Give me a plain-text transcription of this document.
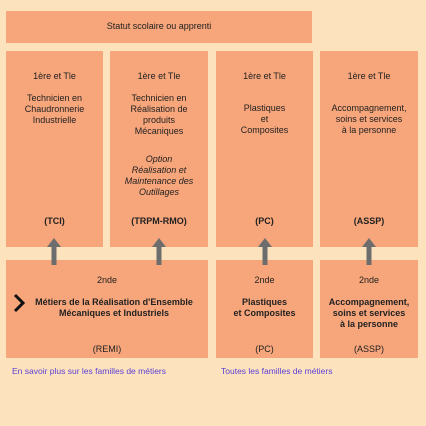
Statut scolaire ou apprenti
1ère et Tle
Technicien en
Chaudronnerie
Industrielle
(TCI)
1ère et Tle
Technicien en
Réalisation de
produits
Mécaniques
Option
Réalisation et
Maintenance des
Outillages
(TRPM-RMO)
1ère et Tle
Plastiques
et
Composites
(PC)
1ère et Tle
Accompagnement,
soins et services
à la personne
(ASSP)
2nde
Métiers de la Réalisation d'Ensemble
Mécaniques et Industriels
(REMI)
2nde
Plastiques
et Composites
(PC)
2nde
Accompagnement,
soins et services
à la personne
(ASSP)
En savoir plus sur les familles de métiers	Toutes les familles de métiers
